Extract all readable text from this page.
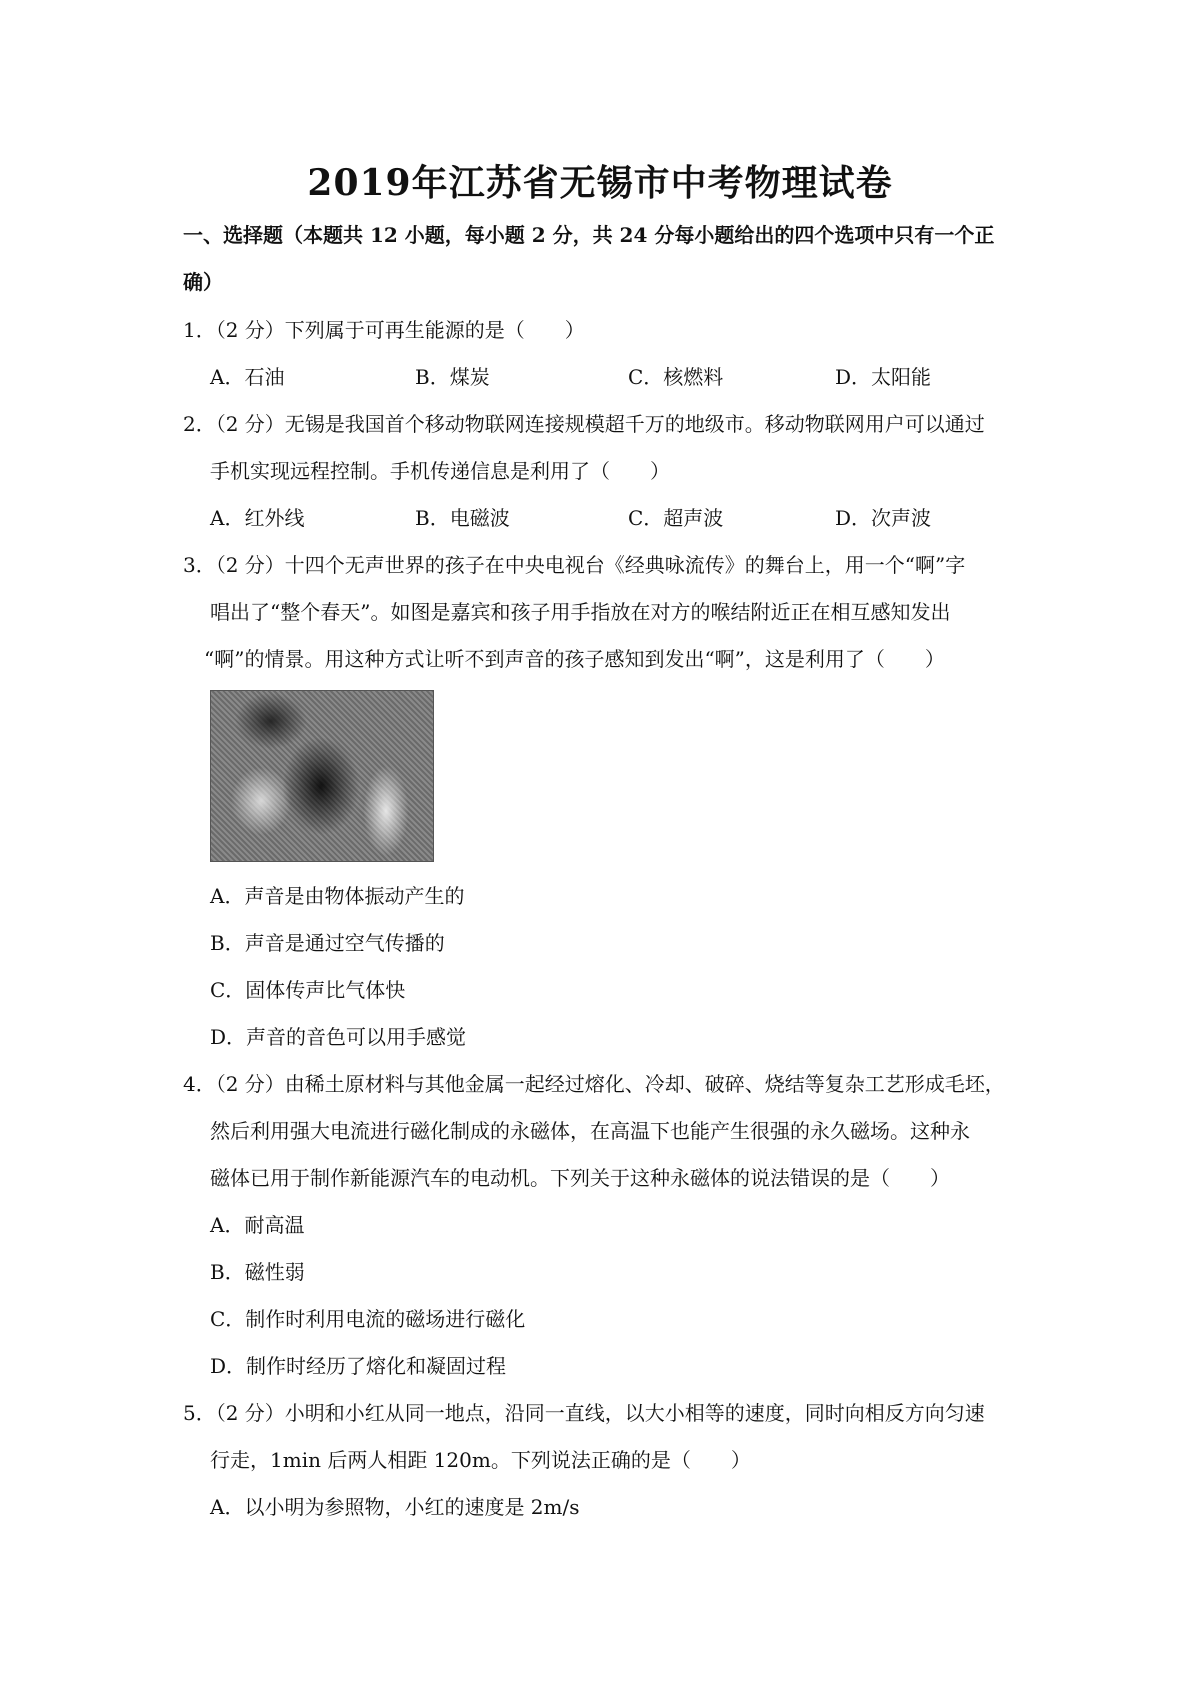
2019年江苏省无锡市中考物理试卷
一、选择题（本题共 12 小题，每小题 2 分，共 24 分每小题给出的四个选项中只有一个正
确）
1．（2 分）下列属于可再生能源的是（　　）
A．石油	B．煤炭	C．核燃料	D．太阳能
2．（2 分）无锡是我国首个移动物联网连接规模超千万的地级市。移动物联网用户可以通过
手机实现远程控制。手机传递信息是利用了（　　）
A．红外线	B．电磁波	C．超声波	D．次声波
3．（2 分）十四个无声世界的孩子在中央电视台《经典咏流传》的舞台上，用一个“啊”字
唱出了“整个春天”。如图是嘉宾和孩子用手指放在对方的喉结附近正在相互感知发出
“啊”的情景。用这种方式让听不到声音的孩子感知到发出“啊”，这是利用了（　　）
A．声音是由物体振动产生的
B．声音是通过空气传播的
C．固体传声比气体快
D．声音的音色可以用手感觉
4．（2 分）由稀土原材料与其他金属一起经过熔化、冷却、破碎、烧结等复杂工艺形成毛坯，
然后利用强大电流进行磁化制成的永磁体，在高温下也能产生很强的永久磁场。这种永
磁体已用于制作新能源汽车的电动机。下列关于这种永磁体的说法错误的是（　　）
A．耐高温
B．磁性弱
C．制作时利用电流的磁场进行磁化
D．制作时经历了熔化和凝固过程
5．（2 分）小明和小红从同一地点，沿同一直线，以大小相等的速度，同时向相反方向匀速
行走，1min 后两人相距 120m。下列说法正确的是（　　）
A．以小明为参照物，小红的速度是 2m/s
